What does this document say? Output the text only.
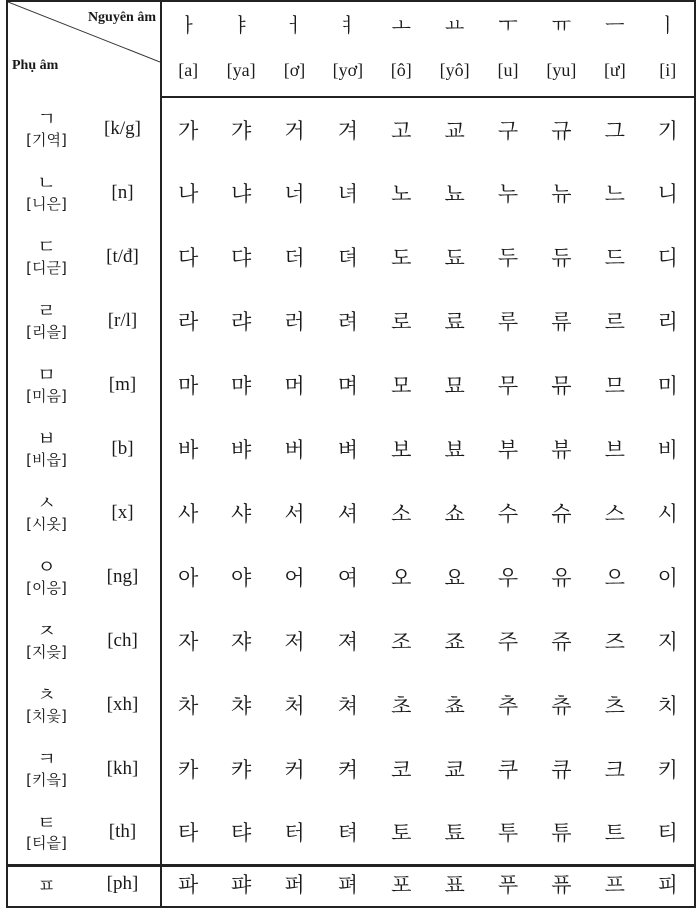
Nguyên âm
Phụ âm		ㅏ	ㅑ	ㅓ	ㅕ	ㅗ	ㅛ	ㅜ	ㅠ	ㅡ	ㅣ
		[a]	[ya]	[ơ]	[yơ]	[ô]	[yô]	[u]	[yu]	[ư]	[i]

ㄱ
[기역]	[k/g]	가	갸	거	겨	고	교	구	규	그	기

ㄴ
[니은]	[n]	나	냐	너	녀	노	뇨	누	뉴	느	니

ㄷ
[디귿]	[t/đ]	다	댜	더	뎌	도	됴	두	듀	드	디

ㄹ
[리을]	[r/l]	라	랴	러	려	로	료	루	류	르	리

ㅁ
[미음]	[m]	마	먀	머	며	모	묘	무	뮤	므	미

ㅂ
[비읍]	[b]	바	뱌	버	벼	보	뵤	부	뷰	브	비

ㅅ
[시옷]	[x]	사	샤	서	셔	소	쇼	수	슈	스	시

ㅇ
[이응]	[ng]	아	야	어	여	오	요	우	유	으	이

ㅈ
[지읒]	[ch]	자	쟈	저	져	조	죠	주	쥬	즈	지

ㅊ
[치읓]	[xh]	차	챠	처	쳐	초	쵸	추	츄	츠	치

ㅋ
[키읔]	[kh]	카	캬	커	켜	코	쿄	쿠	큐	크	키

ㅌ
[티읕]	[th]	타	탸	터	텨	토	툐	투	튜	트	티

ㅍ	[ph]	파	퍄	퍼	펴	포	표	푸	퓨	프	피
